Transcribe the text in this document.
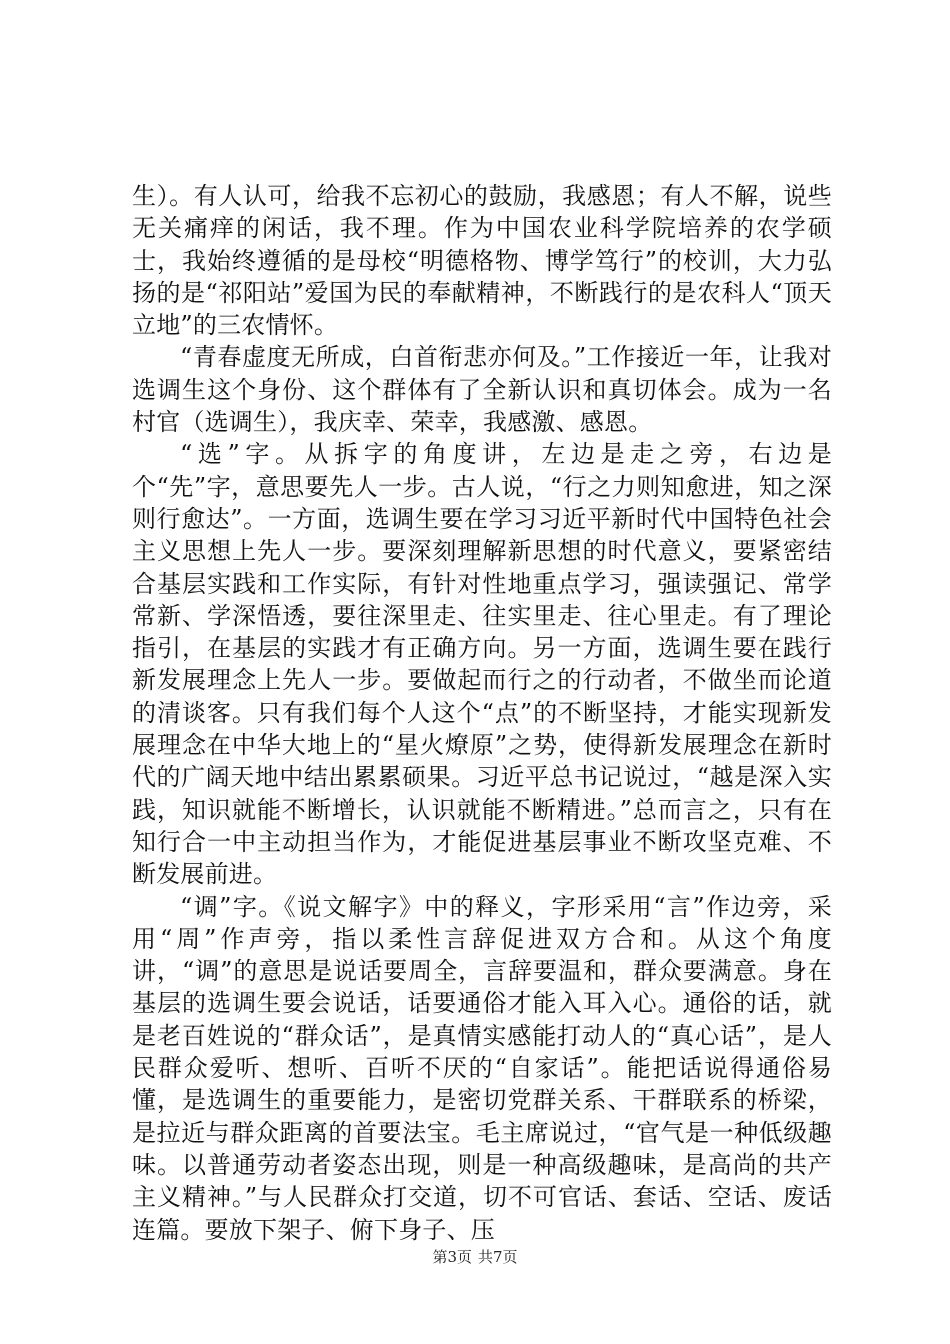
生）。有人认可，给我不忘初心的鼓励，我感恩；有人不解，说些无关痛痒的闲话，我不理。作为中国农业科学院培养的农学硕士，我始终遵循的是母校“明德格物、博学笃行”的校训，大力弘扬的是“祁阳站”爱国为民的奉献精神，不断践行的是农科人“顶天立地”的三农情怀。

“青春虚度无所成，白首衔悲亦何及。”工作接近一年，让我对选调生这个身份、这个群体有了全新认识和真切体会。成为一名村官（选调生），我庆幸、荣幸，我感激、感恩。

“选”字。从拆字的角度讲，左边是走之旁，右边是个“先”字，意思要先人一步。古人说，“行之力则知愈进，知之深则行愈达”。一方面，选调生要在学习习近平新时代中国特色社会主义思想上先人一步。要深刻理解新思想的时代意义，要紧密结合基层实践和工作实际，有针对性地重点学习，强读强记、常学常新、学深悟透，要往深里走、往实里走、往心里走。有了理论指引，在基层的实践才有正确方向。另一方面，选调生要在践行新发展理念上先人一步。要做起而行之的行动者，不做坐而论道的清谈客。只有我们每个人这个“点”的不断坚持，才能实现新发展理念在中华大地上的“星火燎原”之势，使得新发展理念在新时代的广阔天地中结出累累硕果。习近平总书记说过，“越是深入实践，知识就能不断增长，认识就能不断精进。”总而言之，只有在知行合一中主动担当作为，才能促进基层事业不断攻坚克难、不断发展前进。

“调”字。《说文解字》中的释义，字形采用“言”作边旁，采用“周”作声旁，指以柔性言辞促进双方合和。从这个角度讲，“调”的意思是说话要周全，言辞要温和，群众要满意。身在基层的选调生要会说话，话要通俗才能入耳入心。通俗的话，就是老百姓说的“群众话”，是真情实感能打动人的“真心话”，是人民群众爱听、想听、百听不厌的“自家话”。能把话说得通俗易懂，是选调生的重要能力，是密切党群关系、干群联系的桥梁，是拉近与群众距离的首要法宝。毛主席说过，“官气是一种低级趣味。以普通劳动者姿态出现，则是一种高级趣味，是高尚的共产主义精神。”与人民群众打交道，切不可官话、套话、空话、废话连篇。要放下架子、俯下身子、压

第3页 共7页
